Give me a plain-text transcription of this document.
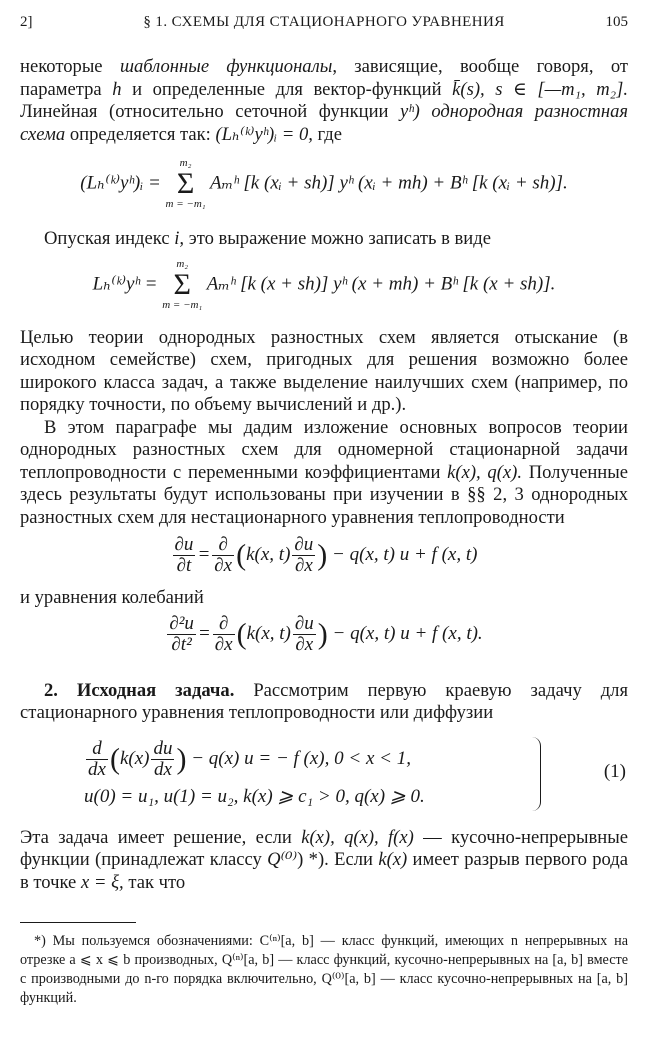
2]	§ 1. СХЕМЫ ДЛЯ СТАЦИОНАРНОГО УРАВНЕНИЯ	105

некоторые шаблонные функционалы, зависящие, вообще говоря, от параметра h и определенные для вектор-функций k̄(s), s ∈ [—m₁, m₂]. Линейная (относительно сеточной функции yʰ) однородная разностная схема определяется так: (Lₕ⁽ᵏ⁾yʰ)ᵢ = 0, где

(Lₕ⁽ᵏ⁾yʰ)ᵢ =
m₂
Σ
m = −m₁
Aₘʰ [k (xᵢ + sh)] yʰ (xᵢ + mh) + Bʰ [k (xᵢ + sh)].

Опуская индекс i, это выражение можно записать в виде

Lₕ⁽ᵏ⁾yʰ =
m₂
Σ
m = −m₁
Aₘʰ [k (x + sh)] yʰ (x + mh) + Bʰ [k (x + sh)].

Целью теории однородных разностных схем является отыскание (в исходном семействе) схем, пригодных для решения возможно более широкого класса задач, а также выделение наилучших схем (например, по порядку точности, по объему вычислений и др.).

В этом параграфе мы дадим изложение основных вопросов теории однородных разностных схем для одномерной стационарной задачи теплопроводности с переменными коэффициентами k(x), q(x). Полученные здесь результаты будут использованы при изучении в §§ 2, 3 однородных разностных схем для нестационарного уравнения теплопроводности

$\frac{\partial u}{\partial t} = \frac{\partial}{\partial x} (k(x$, $t) \frac{\partial u}{\partial x}$ ) − q(x, t) u + f (x, t)

и уравнения колебаний

$\frac{\text{∂²u}}{\text{∂t²}} = \frac{\partial}{\partial x} (k(x$, $t) \frac{\partial u}{\partial x}$ ) − q(x, t) u + f (x, t).

2. Исходная задача. Рассмотрим первую краевую задачу для стационарного уравнения теплопроводности или диффузии

$\frac{d}{dx} (k(x) \frac{du}{dx}$ ) − q(x) u = − f (x), 0 < x < 1,
u(0) = u₁, u(1) = u₂, k(x) ⩾ c₁ > 0, q(x) ⩾ 0.
(1)

Эта задача имеет решение, если k(x), q(x), f(x) — кусочно-непрерывные функции (принадлежат классу Q⁽⁰⁾) *). Если k(x) имеет разрыв первого рода в точке x = ξ, так что

*) Мы пользуемся обозначениями: C⁽ⁿ⁾[a, b] — класс функций, имеющих n непрерывных на отрезке a ⩽ x ⩽ b производных, Q⁽ⁿ⁾[a, b] — класс функций, кусочно-непрерывных на [a, b] вместе с производными до n-го порядка включительно, Q⁽⁰⁾[a, b] — класс кусочно-непрерывных на [a, b] функций.
